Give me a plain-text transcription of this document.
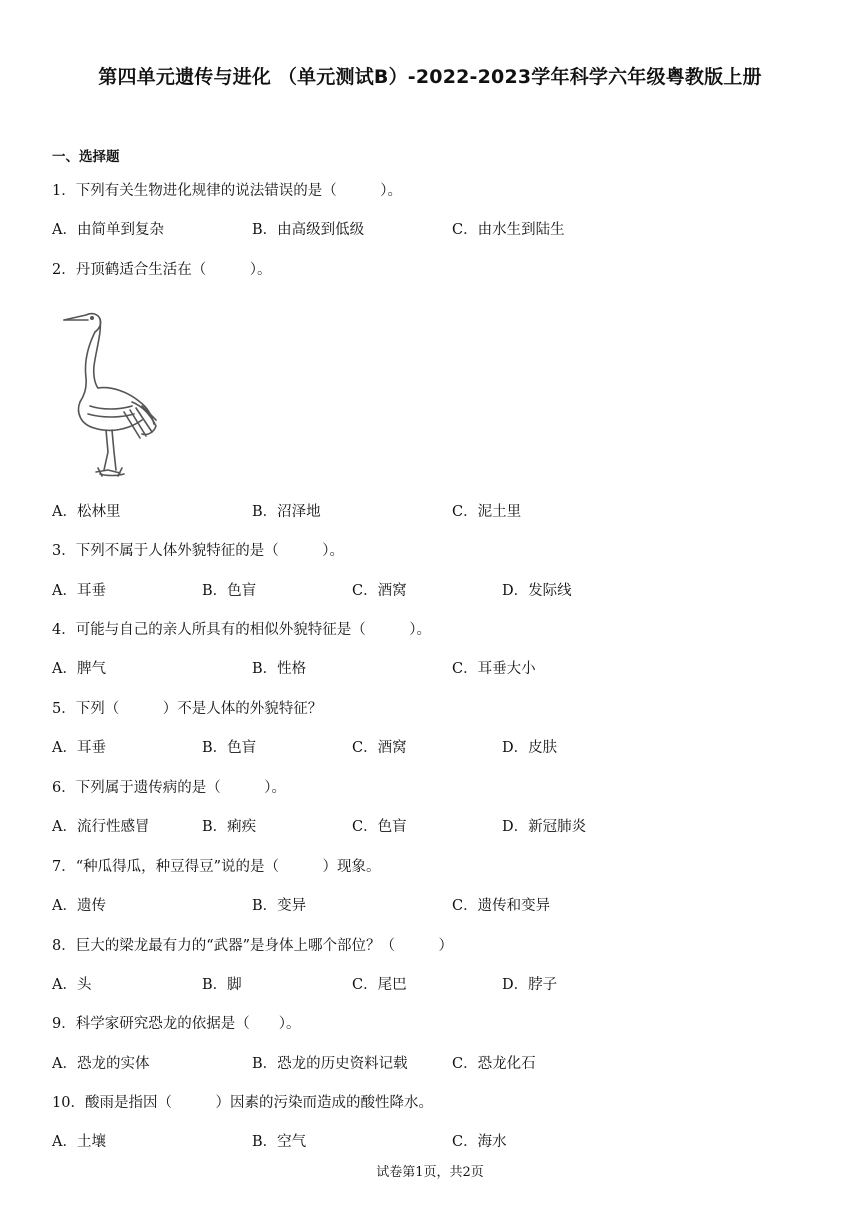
第四单元遗传与进化 （单元测试B）-2022-2023学年科学六年级粤教版上册
一、选择题
1．下列有关生物进化规律的说法错误的是（　　　）。
A．由简单到复杂	B．由高级到低级	C．由水生到陆生
2．丹顶鹤适合生活在（　　　）。
A．松林里	B．沼泽地	C．泥土里
3．下列不属于人体外貌特征的是（　　　）。
A．耳垂	B．色盲	C．酒窝	D．发际线
4．可能与自己的亲人所具有的相似外貌特征是（　　　）。
A．脾气	B．性格	C．耳垂大小
5．下列（　　　）不是人体的外貌特征？
A．耳垂	B．色盲	C．酒窝	D．皮肤
6．下列属于遗传病的是（　　　）。
A．流行性感冒	B．痢疾	C．色盲	D．新冠肺炎
7．“种瓜得瓜，种豆得豆”说的是（　　　）现象。
A．遗传	B．变异	C．遗传和变异
8．巨大的梁龙最有力的“武器”是身体上哪个部位？（　　　）
A．头	B．脚	C．尾巴	D．脖子
9．科学家研究恐龙的依据是（　　）。
A．恐龙的实体	B．恐龙的历史资料记载	C．恐龙化石
10．酸雨是指因（　　　）因素的污染而造成的酸性降水。
A．土壤	B．空气	C．海水
试卷第1页，共2页
